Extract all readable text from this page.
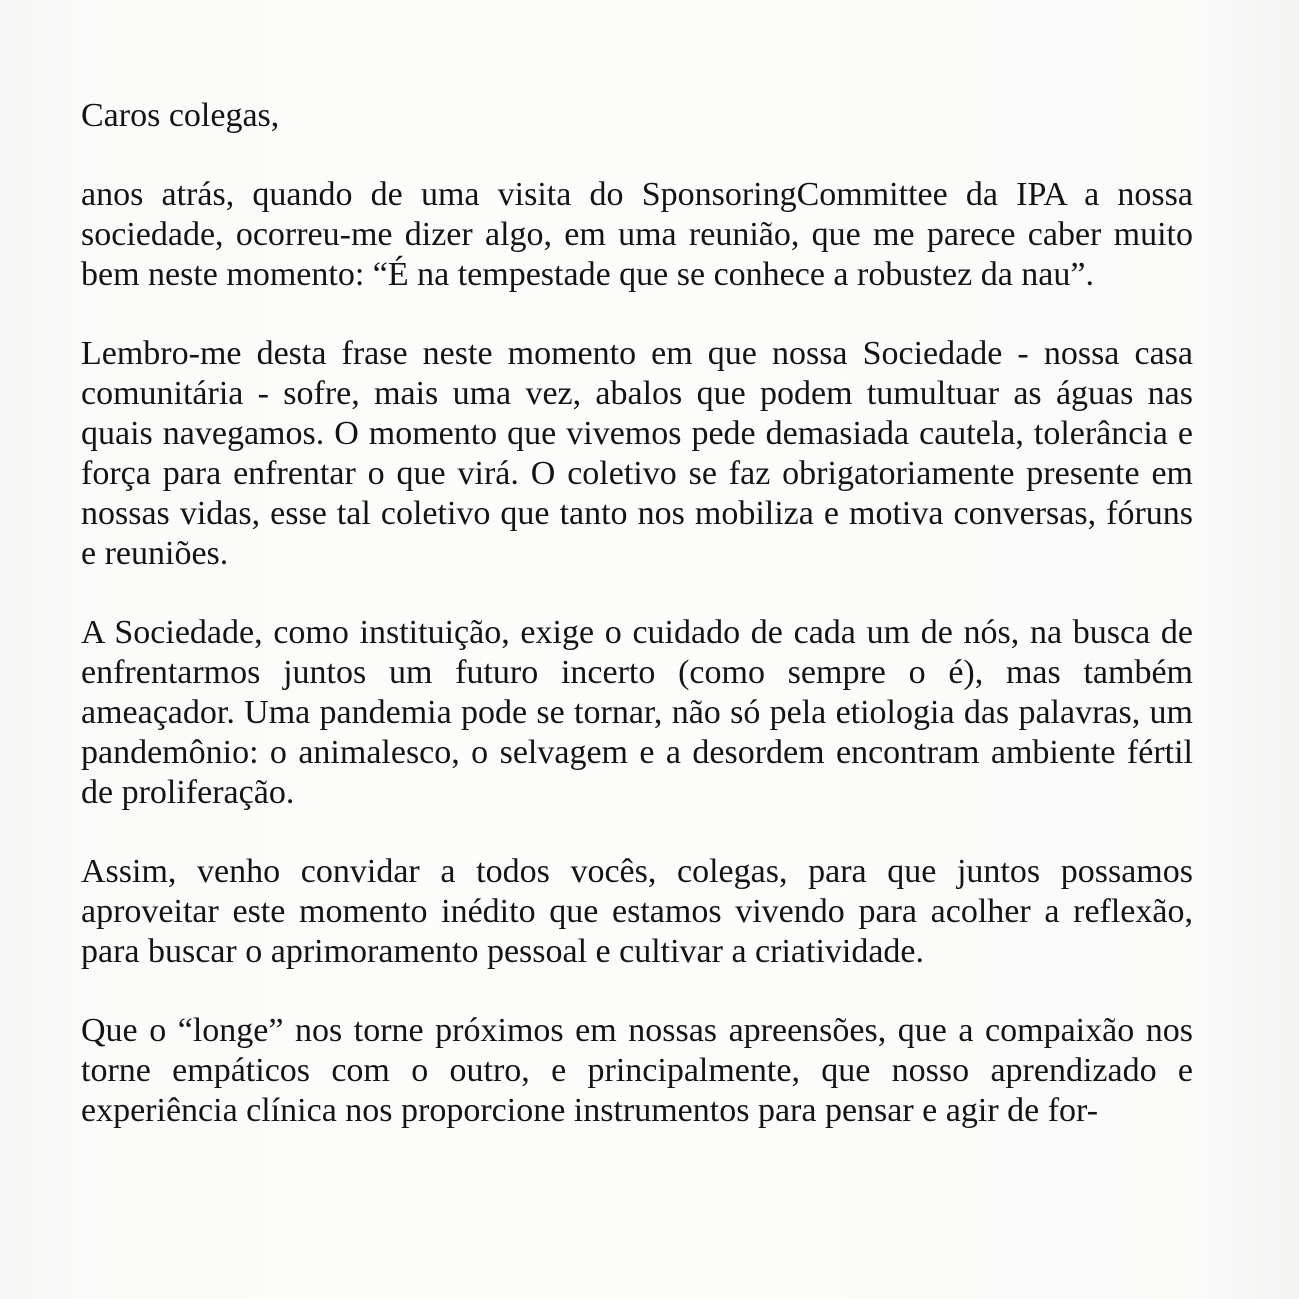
Caros colegas,

anos atrás, quando de uma visita do SponsoringCommittee da IPA a nossa sociedade, ocorreu-me dizer algo, em uma reunião, que me parece caber muito bem neste momento: “É na tempestade que se conhece a robustez da nau”.

Lembro-me desta frase neste momento em que nossa Sociedade - nossa casa comunitária - sofre, mais uma vez, abalos que podem tumultuar as águas nas quais navegamos. O momento que vivemos pede demasiada cautela, tolerância e força para enfrentar o que virá. O coletivo se faz obrigatoriamente presente em nossas vidas, esse tal coletivo que tanto nos mobiliza e motiva conversas, fóruns e reuniões.

A Sociedade, como instituição, exige o cuidado de cada um de nós, na busca de enfrentarmos juntos um futuro incerto (como sempre o é), mas também ameaçador. Uma pandemia pode se tornar, não só pela etiologia das palavras, um pandemônio: o animalesco, o selvagem e a desordem encontram ambiente fértil de proliferação.

Assim, venho convidar a todos vocês, colegas, para que juntos possamos aproveitar este momento inédito que estamos vivendo para acolher a reflexão, para buscar o aprimoramento pessoal e cultivar a criatividade.

Que o “longe” nos torne próximos em nossas apreensões, que a compaixão nos torne empáticos com o outro, e principalmente, que nosso aprendizado e experiência clínica nos proporcione instrumentos para pensar e agir de for-
